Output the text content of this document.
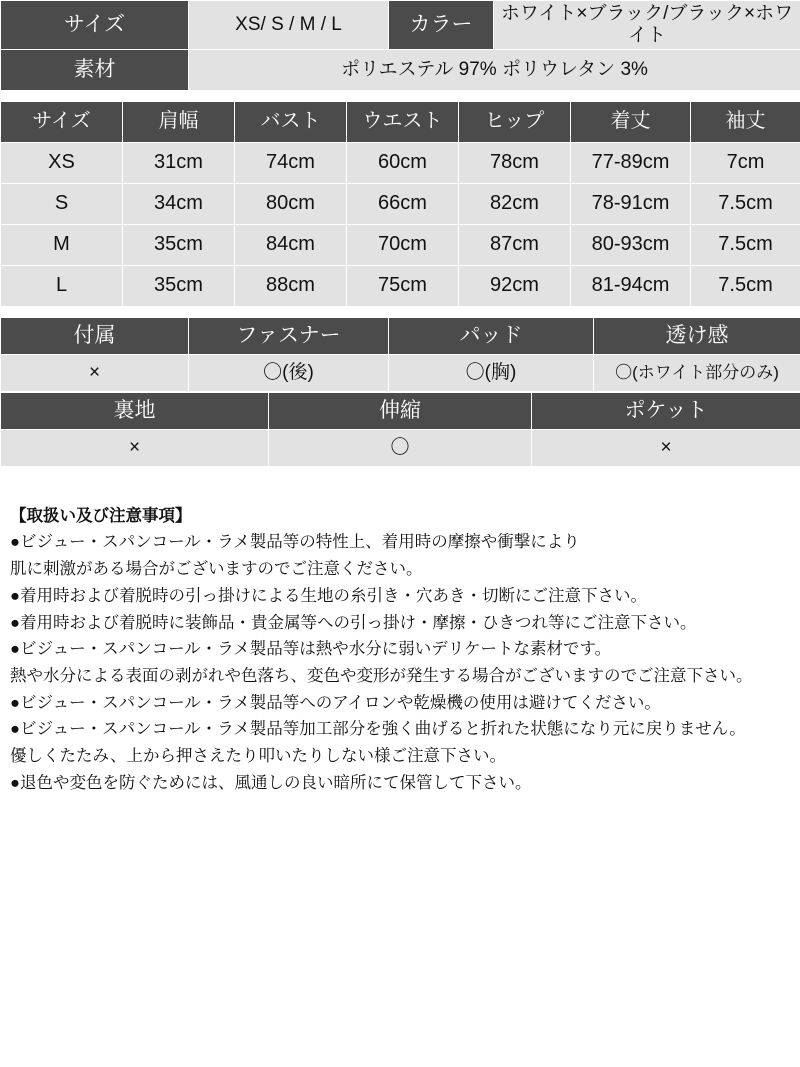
サイズ	XS/ S / M / L	カラー	ホワイト×ブラック/ブラック×ホワイト
素材	ポリエステル 97% ポリウレタン 3%		
サイズ	肩幅	バスト	ウエスト	ヒップ	着丈	袖丈
XS	31cm	74cm	60cm	78cm	77-89cm	7cm
S	34cm	80cm	66cm	82cm	78-91cm	7.5cm
M	35cm	84cm	70cm	87cm	80-93cm	7.5cm
L	35cm	88cm	75cm	92cm	81-94cm	7.5cm
付属	ファスナー	パッド	透け感
×	〇(後)	〇(胸)	〇(ホワイト部分のみ)
裏地	伸縮	ポケット
×	〇	×

【取扱い及び注意事項】

●ビジュー・スパンコール・ラメ製品等の特性上、着用時の摩擦や衝撃により

肌に刺激がある場合がございますのでご注意ください。

●着用時および着脱時の引っ掛けによる生地の糸引き・穴あき・切断にご注意下さい。

●着用時および着脱時に装飾品・貴金属等への引っ掛け・摩擦・ひきつれ等にご注意下さい。

●ビジュー・スパンコール・ラメ製品等は熱や水分に弱いデリケートな素材です。

熱や水分による表面の剥がれや色落ち、変色や変形が発生する場合がございますのでご注意下さい。

●ビジュー・スパンコール・ラメ製品等へのアイロンや乾燥機の使用は避けてください。

●ビジュー・スパンコール・ラメ製品等加工部分を強く曲げると折れた状態になり元に戻りません。

優しくたたみ、上から押さえたり叩いたりしない様ご注意下さい。

●退色や変色を防ぐためには、風通しの良い暗所にて保管して下さい。
